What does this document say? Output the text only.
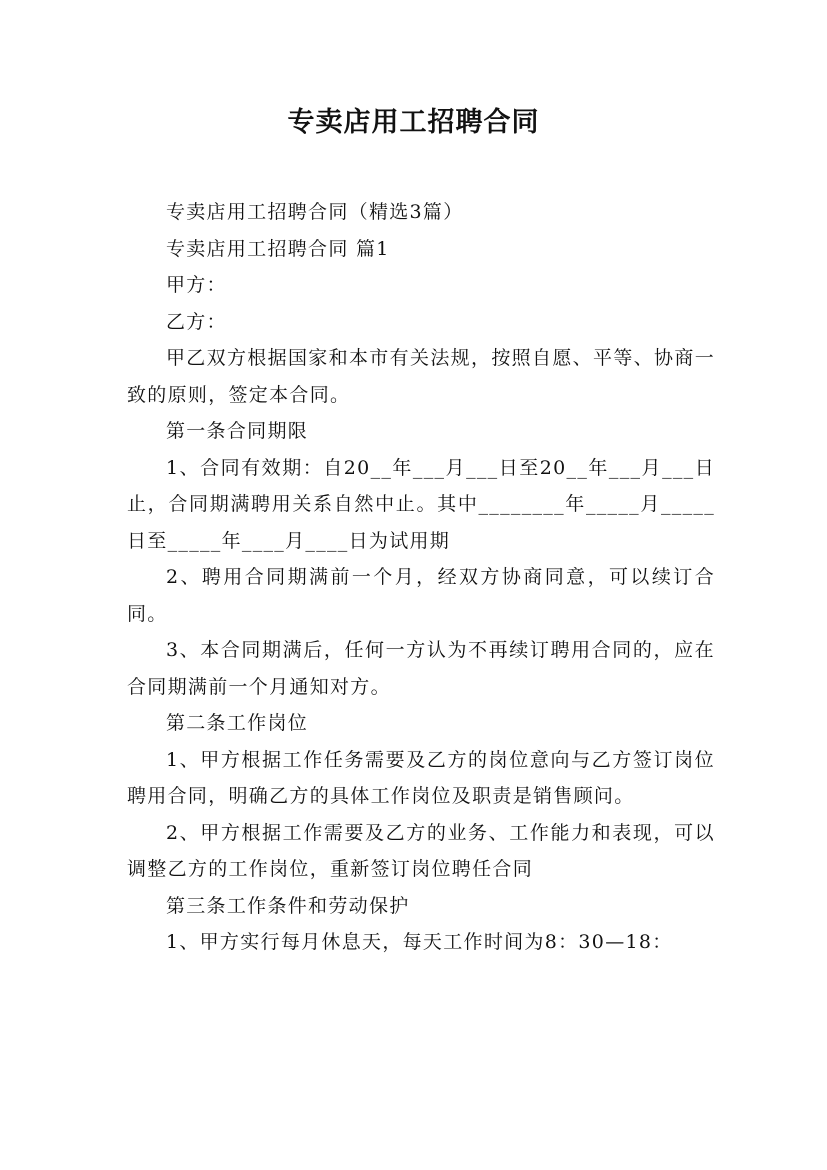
专卖店用工招聘合同

专卖店用工招聘合同（精选3篇）

专卖店用工招聘合同 篇1

甲方：

乙方：

甲乙双方根据国家和本市有关法规，按照自愿、平等、协商一致的原则，签定本合同。

第一条合同期限

1、合同有效期：自20__年___月___日至20__年___月___日止，合同期满聘用关系自然中止。其中________年_____月_____日至_____年____月____日为试用期

2、聘用合同期满前一个月，经双方协商同意，可以续订合同。

3、本合同期满后，任何一方认为不再续订聘用合同的，应在合同期满前一个月通知对方。

第二条工作岗位

1、甲方根据工作任务需要及乙方的岗位意向与乙方签订岗位聘用合同，明确乙方的具体工作岗位及职责是销售顾问。

2、甲方根据工作需要及乙方的业务、工作能力和表现，可以调整乙方的工作岗位，重新签订岗位聘任合同

第三条工作条件和劳动保护

1、甲方实行每月休息天，每天工作时间为8：30—18：
